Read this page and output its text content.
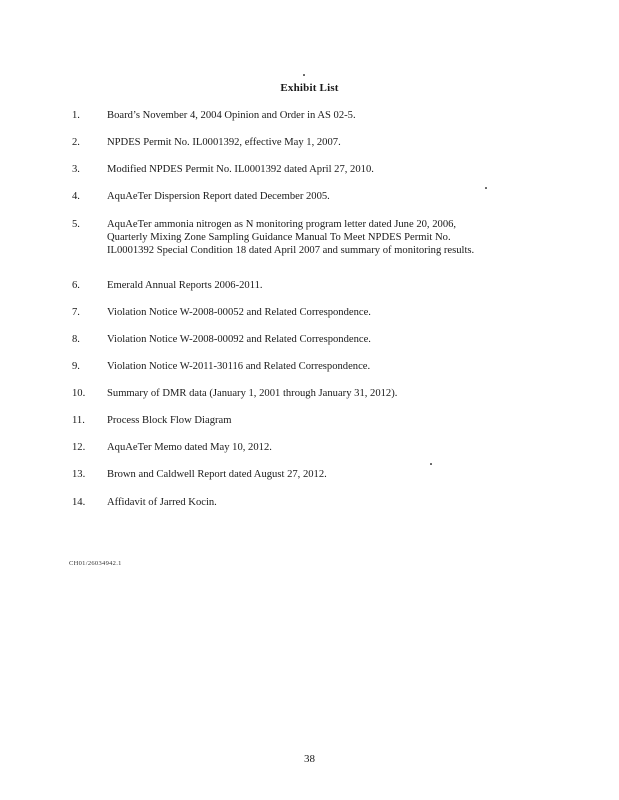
Exhibit List
1.	Board’s November 4, 2004 Opinion and Order in AS 02-5.
2.	NPDES Permit No. IL0001392, effective May 1, 2007.
3.	Modified NPDES Permit No. IL0001392 dated April 27, 2010.
4.	AquAeTer Dispersion Report dated December 2005.
5.	AquAeTer ammonia nitrogen as N monitoring program letter dated June 20, 2006,
Quarterly Mixing Zone Sampling Guidance Manual To Meet NPDES Permit No.
IL0001392 Special Condition 18 dated April 2007 and summary of monitoring results.
6.	Emerald Annual Reports 2006-2011.
7.	Violation Notice W-2008-00052 and Related Correspondence.
8.	Violation Notice W-2008-00092 and Related Correspondence.
9.	Violation Notice W-2011-30116 and Related Correspondence.
10.	Summary of DMR data (January 1, 2001 through January 31, 2012).
11.	Process Block Flow Diagram
12.	AquAeTer Memo dated May 10, 2012.
13.	Brown and Caldwell Report dated August 27, 2012.
14.	Affidavit of Jarred Kocin.
CH01/26034942.1
38
